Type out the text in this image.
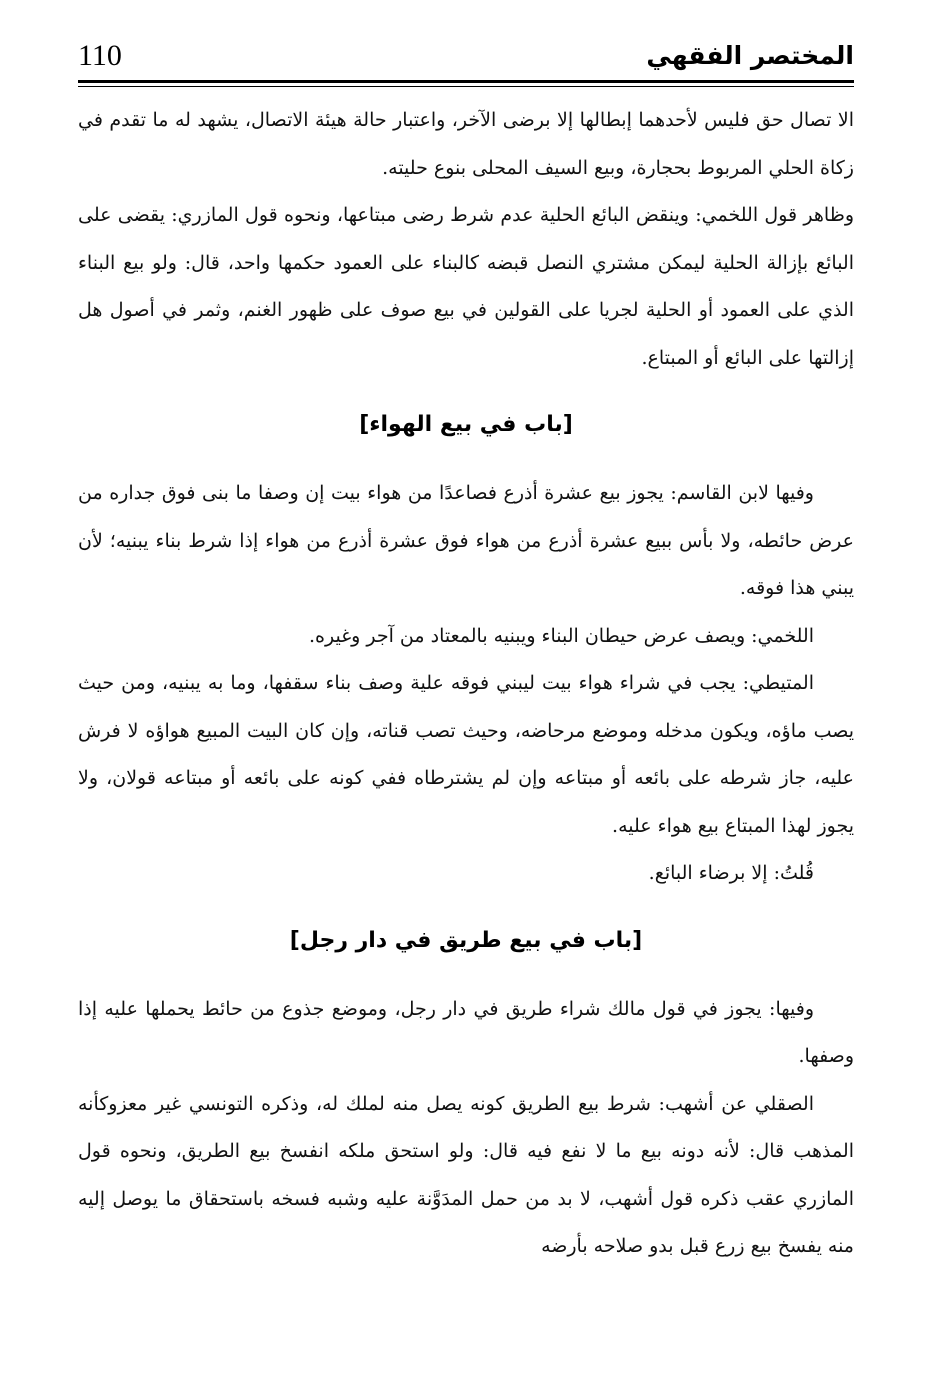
المختصر الفقهي
110

الا تصال حق فليس لأحدهما إبطالها إلا برضى الآخر، واعتبار حالة هيئة الاتصال، يشهد له ما تقدم في زكاة الحلي المربوط بحجارة، وبيع السيف المحلى بنوع حليته.

وظاهر قول اللخمي: وينقض البائع الحلية عدم شرط رضى مبتاعها، ونحوه قول المازري: يقضى على البائع بإزالة الحلية ليمكن مشتري النصل قبضه كالبناء على العمود حكمها واحد، قال: ولو بيع البناء الذي على العمود أو الحلية لجريا على القولين في بيع صوف على ظهور الغنم، وثمر في أصول هل إزالتها على البائع أو المبتاع.

[باب في بيع الهواء]

وفيها لابن القاسم: يجوز بيع عشرة أذرع فصاعدًا من هواء بيت إن وصفا ما بنى فوق جداره من عرض حائطه، ولا بأس ببيع عشرة أذرع من هواء فوق عشرة أذرع من هواء إذا شرط بناء يبنيه؛ لأن يبني هذا فوقه.

اللخمي: ويصف عرض حيطان البناء ويبنيه بالمعتاد من آجر وغيره.

المتيطي: يجب في شراء هواء بيت ليبني فوقه علية وصف بناء سقفها، وما به يبنيه، ومن حيث يصب ماؤه، ويكون مدخله وموضع مرحاضه، وحيث تصب قناته، وإن كان البيت المبيع هواؤه لا فرش عليه، جاز شرطه على بائعه أو مبتاعه وإن لم يشترطاه ففي كونه على بائعه أو مبتاعه قولان، ولا يجوز لهذا المبتاع بيع هواء عليه.

قُلتُ: إلا برضاء البائع.

[باب في بيع طريق في دار رجل]

وفيها: يجوز في قول مالك شراء طريق في دار رجل، وموضع جذوع من حائط يحملها عليه إذا وصفها.

الصقلي عن أشهب: شرط بيع الطريق كونه يصل منه لملك له، وذكره التونسي غير معزوكأنه المذهب قال: لأنه دونه بيع ما لا نفع فيه قال: ولو استحق ملكه انفسخ بيع الطريق، ونحوه قول المازري عقب ذكره قول أشهب، لا بد من حمل المدَوَّنة عليه وشبه فسخه باستحقاق ما يوصل إليه منه يفسخ بيع زرع قبل بدو صلاحه بأرضه
